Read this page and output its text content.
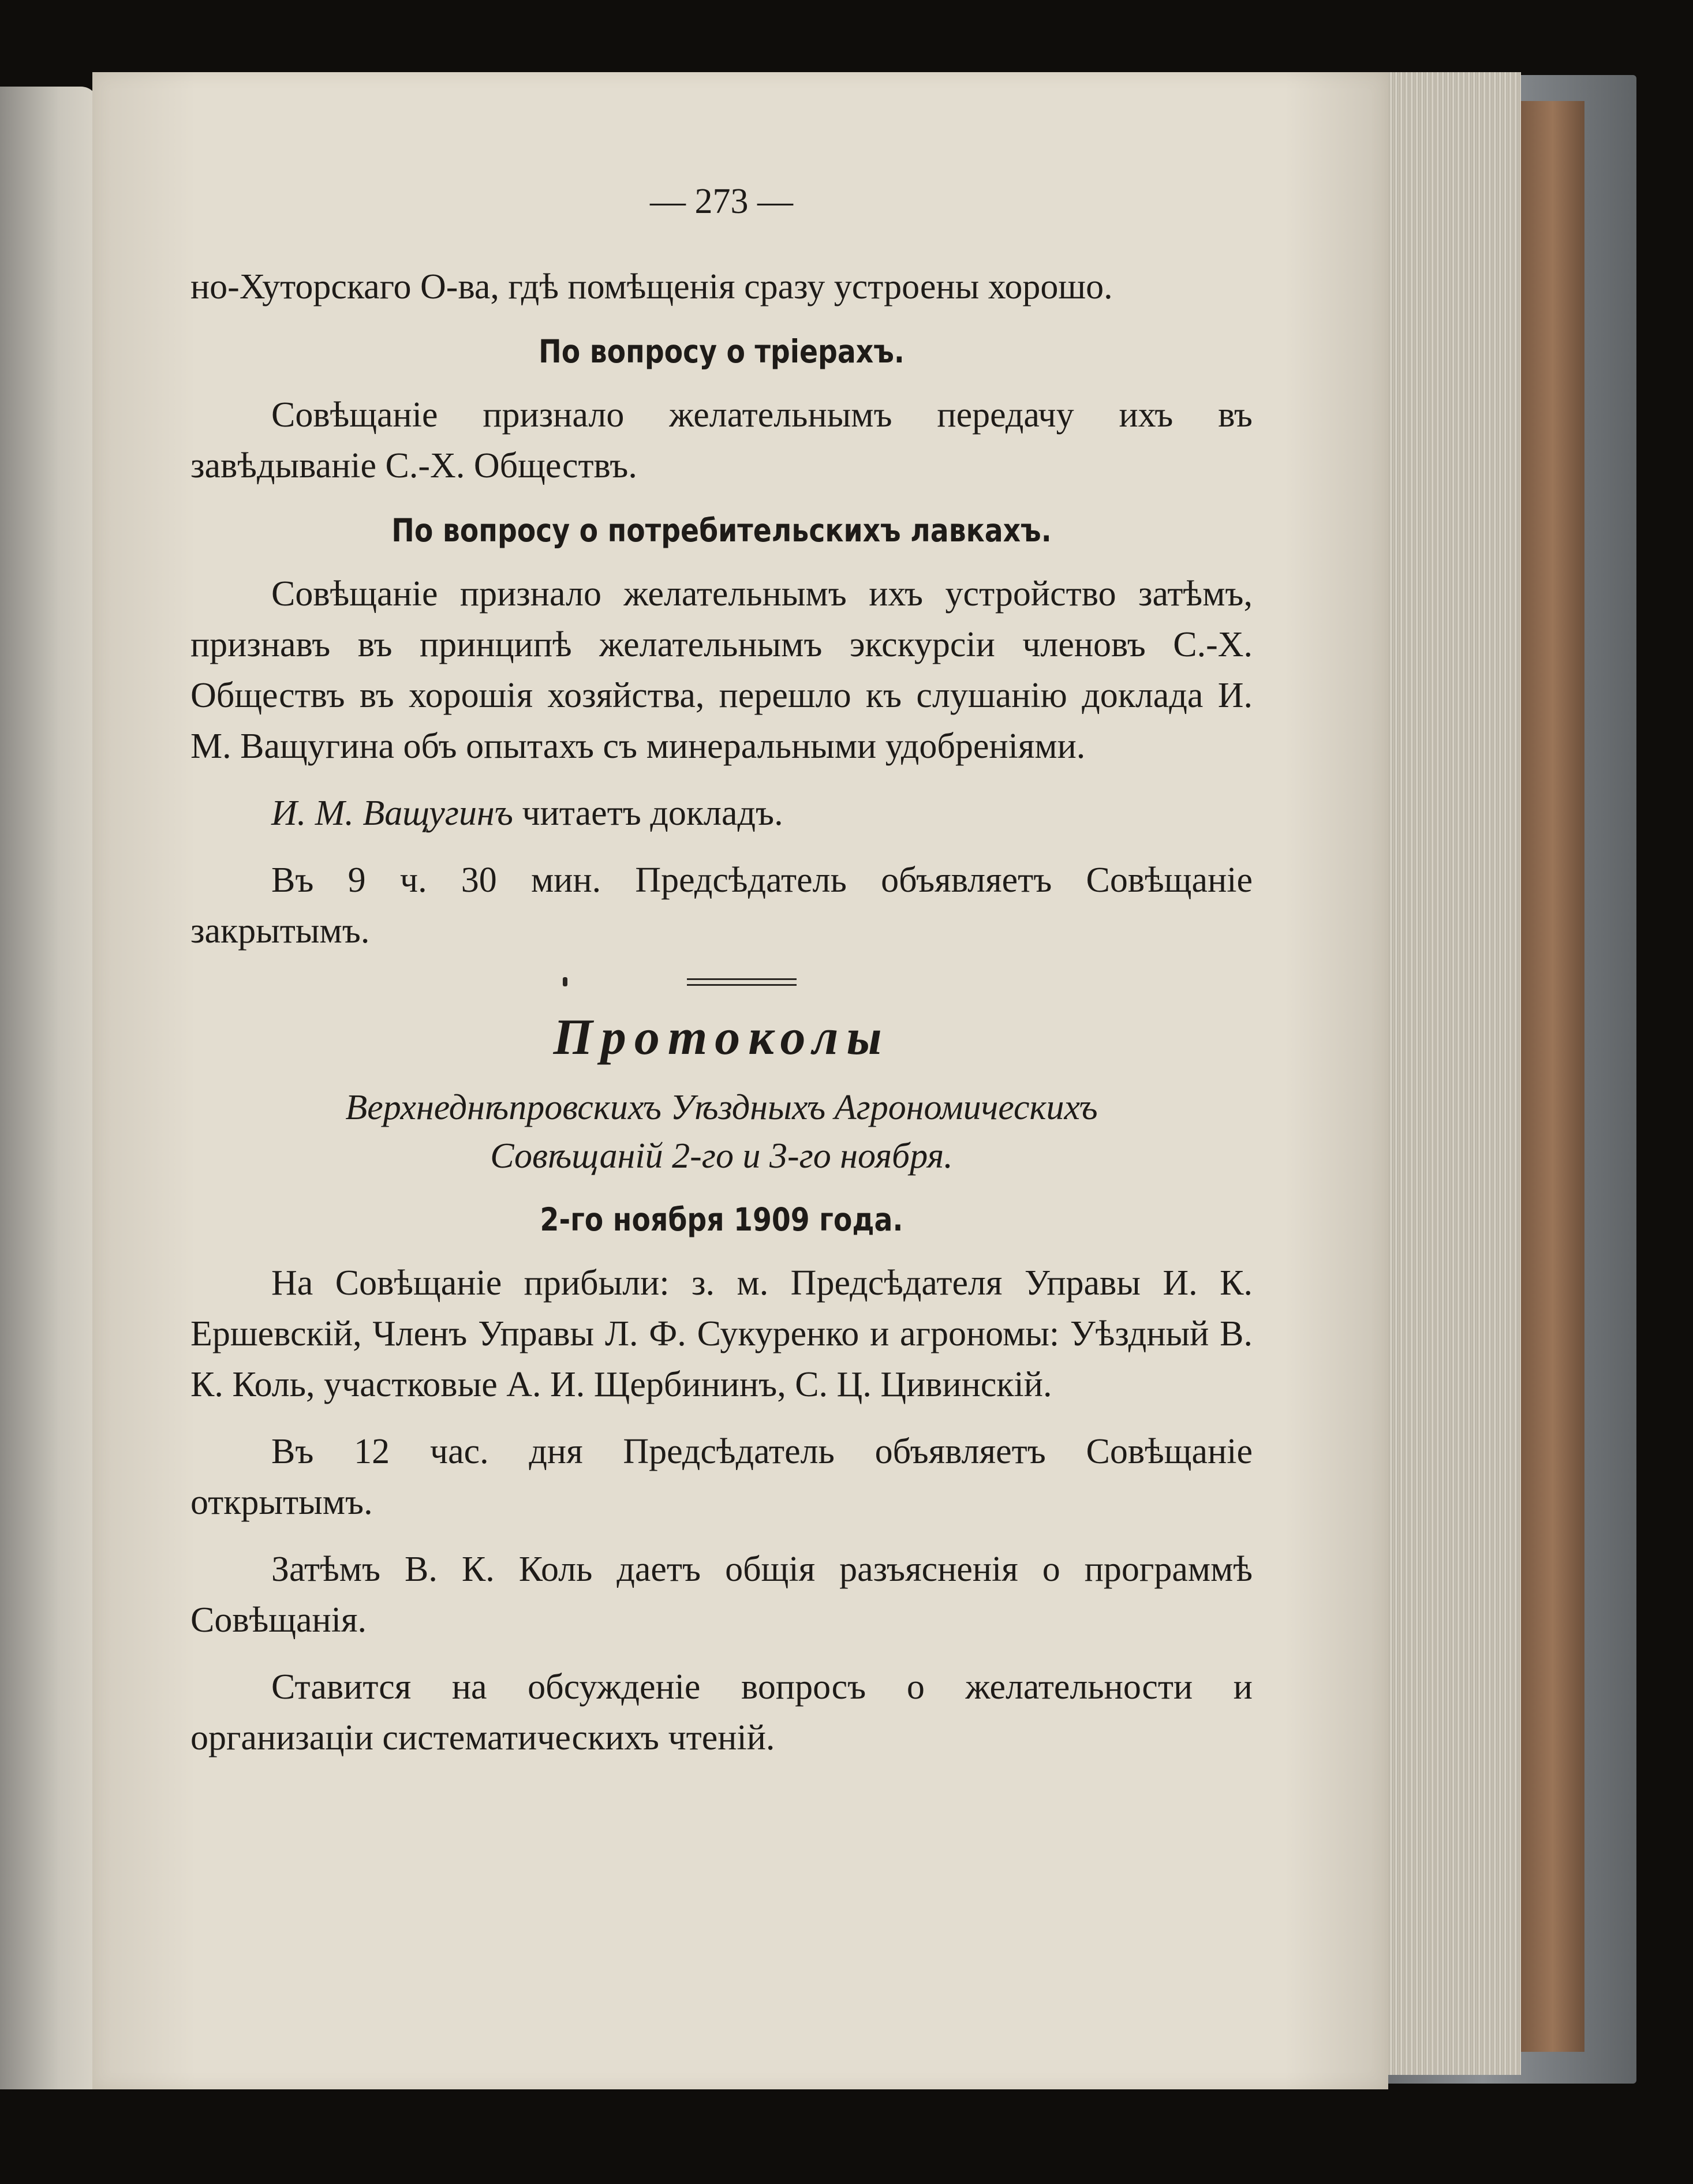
— 273 —

но-Хуторскаго О-ва, гдѣ помѣщенія сразу устроены хорошо.

По вопросу о тріерахъ.

Совѣщаніе признало желательнымъ передачу ихъ въ завѣдываніе С.-Х. Обществъ.

По вопросу о потребительскихъ лавкахъ.

Совѣщаніе признало желательнымъ ихъ устройство затѣмъ, признавъ въ принципѣ желательнымъ экскурсіи членовъ С.-Х. Обществъ въ хорошія хозяйства, перешло къ слушанію доклада И. М. Ващугина объ опытахъ съ минеральными удобреніями.

И. М. Ващугинъ читаетъ докладъ.

Въ 9 ч. 30 мин. Предсѣдатель объявляетъ Совѣщаніе закрытымъ.

Протоколы

Верхнеднѣпровскихъ Уѣздныхъ Агрономическихъ

Совѣщаній 2-го и 3-го ноября.

2-го ноября 1909 года.

На Совѣщаніе прибыли: з. м. Предсѣдателя Управы И. К. Ершевскій, Членъ Управы Л. Ф. Сукуренко и агрономы: Уѣздный В. К. Коль, участковые А. И. Щербининъ, С. Ц. Цивинскій.

Въ 12 час. дня Предсѣдатель объявляетъ Совѣщаніе открытымъ.

Затѣмъ В. К. Коль даетъ общія разъясненія о программѣ Совѣщанія.

Ставится на обсужденіе вопросъ о желательности и организаціи систематическихъ чтеній.
